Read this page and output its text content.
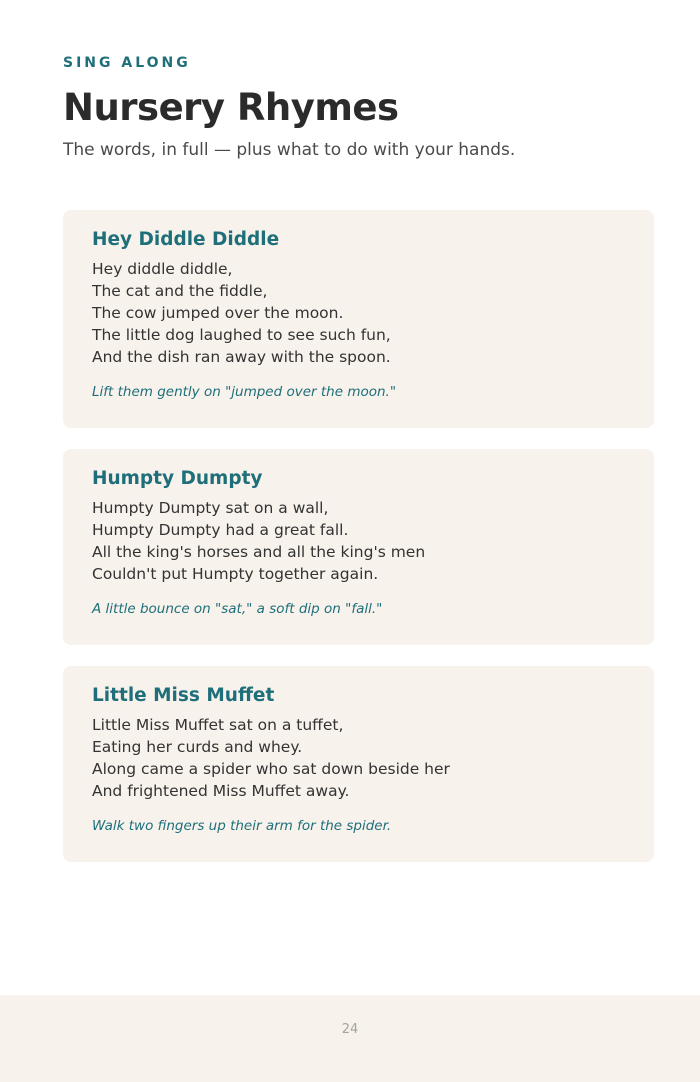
SING ALONG
Nursery Rhymes

The words, in full — plus what to do with your hands.

Hey Diddle Diddle
Hey diddle diddle,
The cat and the fiddle,
The cow jumped over the moon.
The little dog laughed to see such fun,
And the dish ran away with the spoon.

Lift them gently on "jumped over the moon."

Humpty Dumpty
Humpty Dumpty sat on a wall,
Humpty Dumpty had a great fall.
All the king's horses and all the king's men
Couldn't put Humpty together again.

A little bounce on "sat," a soft dip on "fall."

Little Miss Muffet
Little Miss Muffet sat on a tuffet,
Eating her curds and whey.
Along came a spider who sat down beside her
And frightened Miss Muffet away.

Walk two fingers up their arm for the spider.

24
